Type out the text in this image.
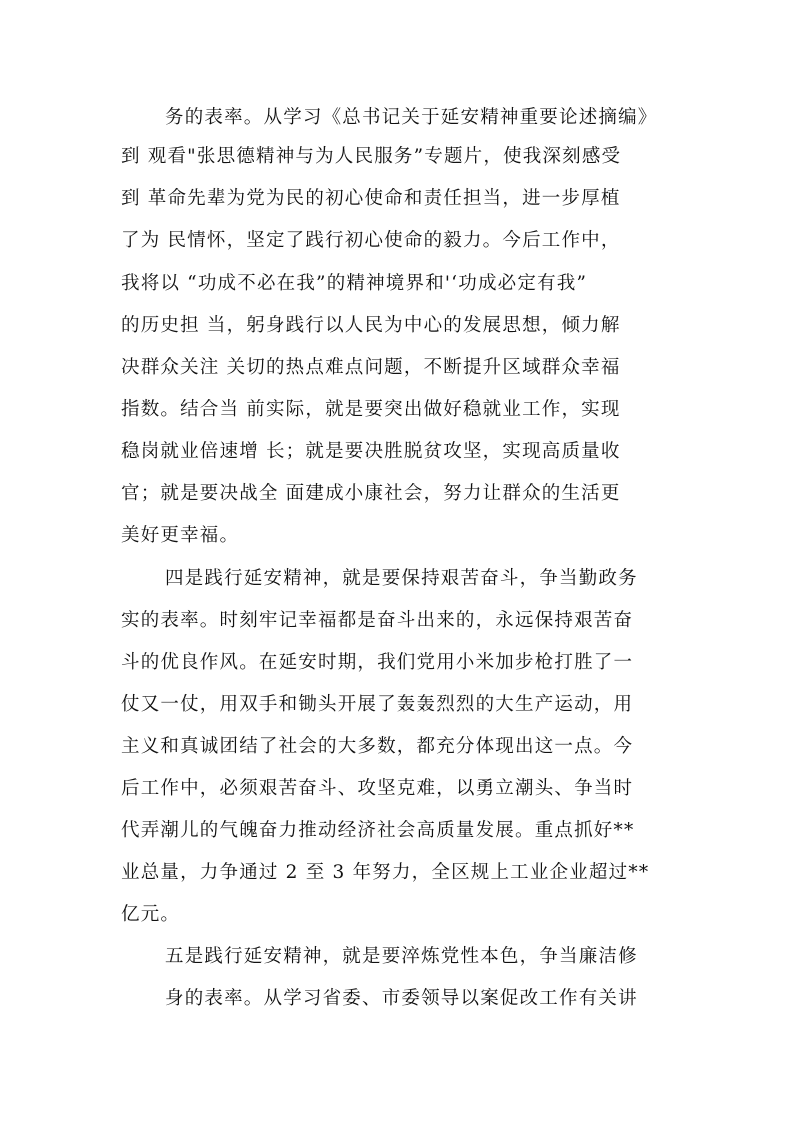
务的表率。从学习《总书记关于延安精神重要论述摘编》
到 观看"张思德精神与为人民服务”专题片，使我深刻感受
到 革命先辈为党为民的初心使命和责任担当，进一步厚植
了为 民情怀，坚定了践行初心使命的毅力。今后工作中，
我将以 “功成不必在我”的精神境界和'‘功成必定有我”
的历史担 当，躬身践行以人民为中心的发展思想，倾力解
决群众关注 关切的热点难点问题，不断提升区域群众幸福
指数。结合当 前实际，就是要突出做好稳就业工作，实现
稳岗就业倍速增 长；就是要决胜脱贫攻坚，实现高质量收
官；就是要决战全 面建成小康社会，努力让群众的生活更
美好更幸福。
四是践行延安精神，就是要保持艰苦奋斗，争当勤政务
实的表率。时刻牢记幸福都是奋斗出来的，永远保持艰苦奋
斗的优良作风。在延安时期，我们党用小米加步枪打胜了一
仗又一仗，用双手和锄头开展了轰轰烈烈的大生产运动，用
主义和真诚团结了社会的大多数，都充分体现出这一点。今
后工作中，必须艰苦奋斗、攻坚克难，以勇立潮头、争当时
代弄潮儿的气魄奋力推动经济社会高质量发展。重点抓好**
业总量，力争通过 2 至 3 年努力，全区规上工业企业超过**
亿元。
五是践行延安精神，就是要淬炼党性本色，争当廉洁修
身的表率。从学习省委、市委领导以案促改工作有关讲
